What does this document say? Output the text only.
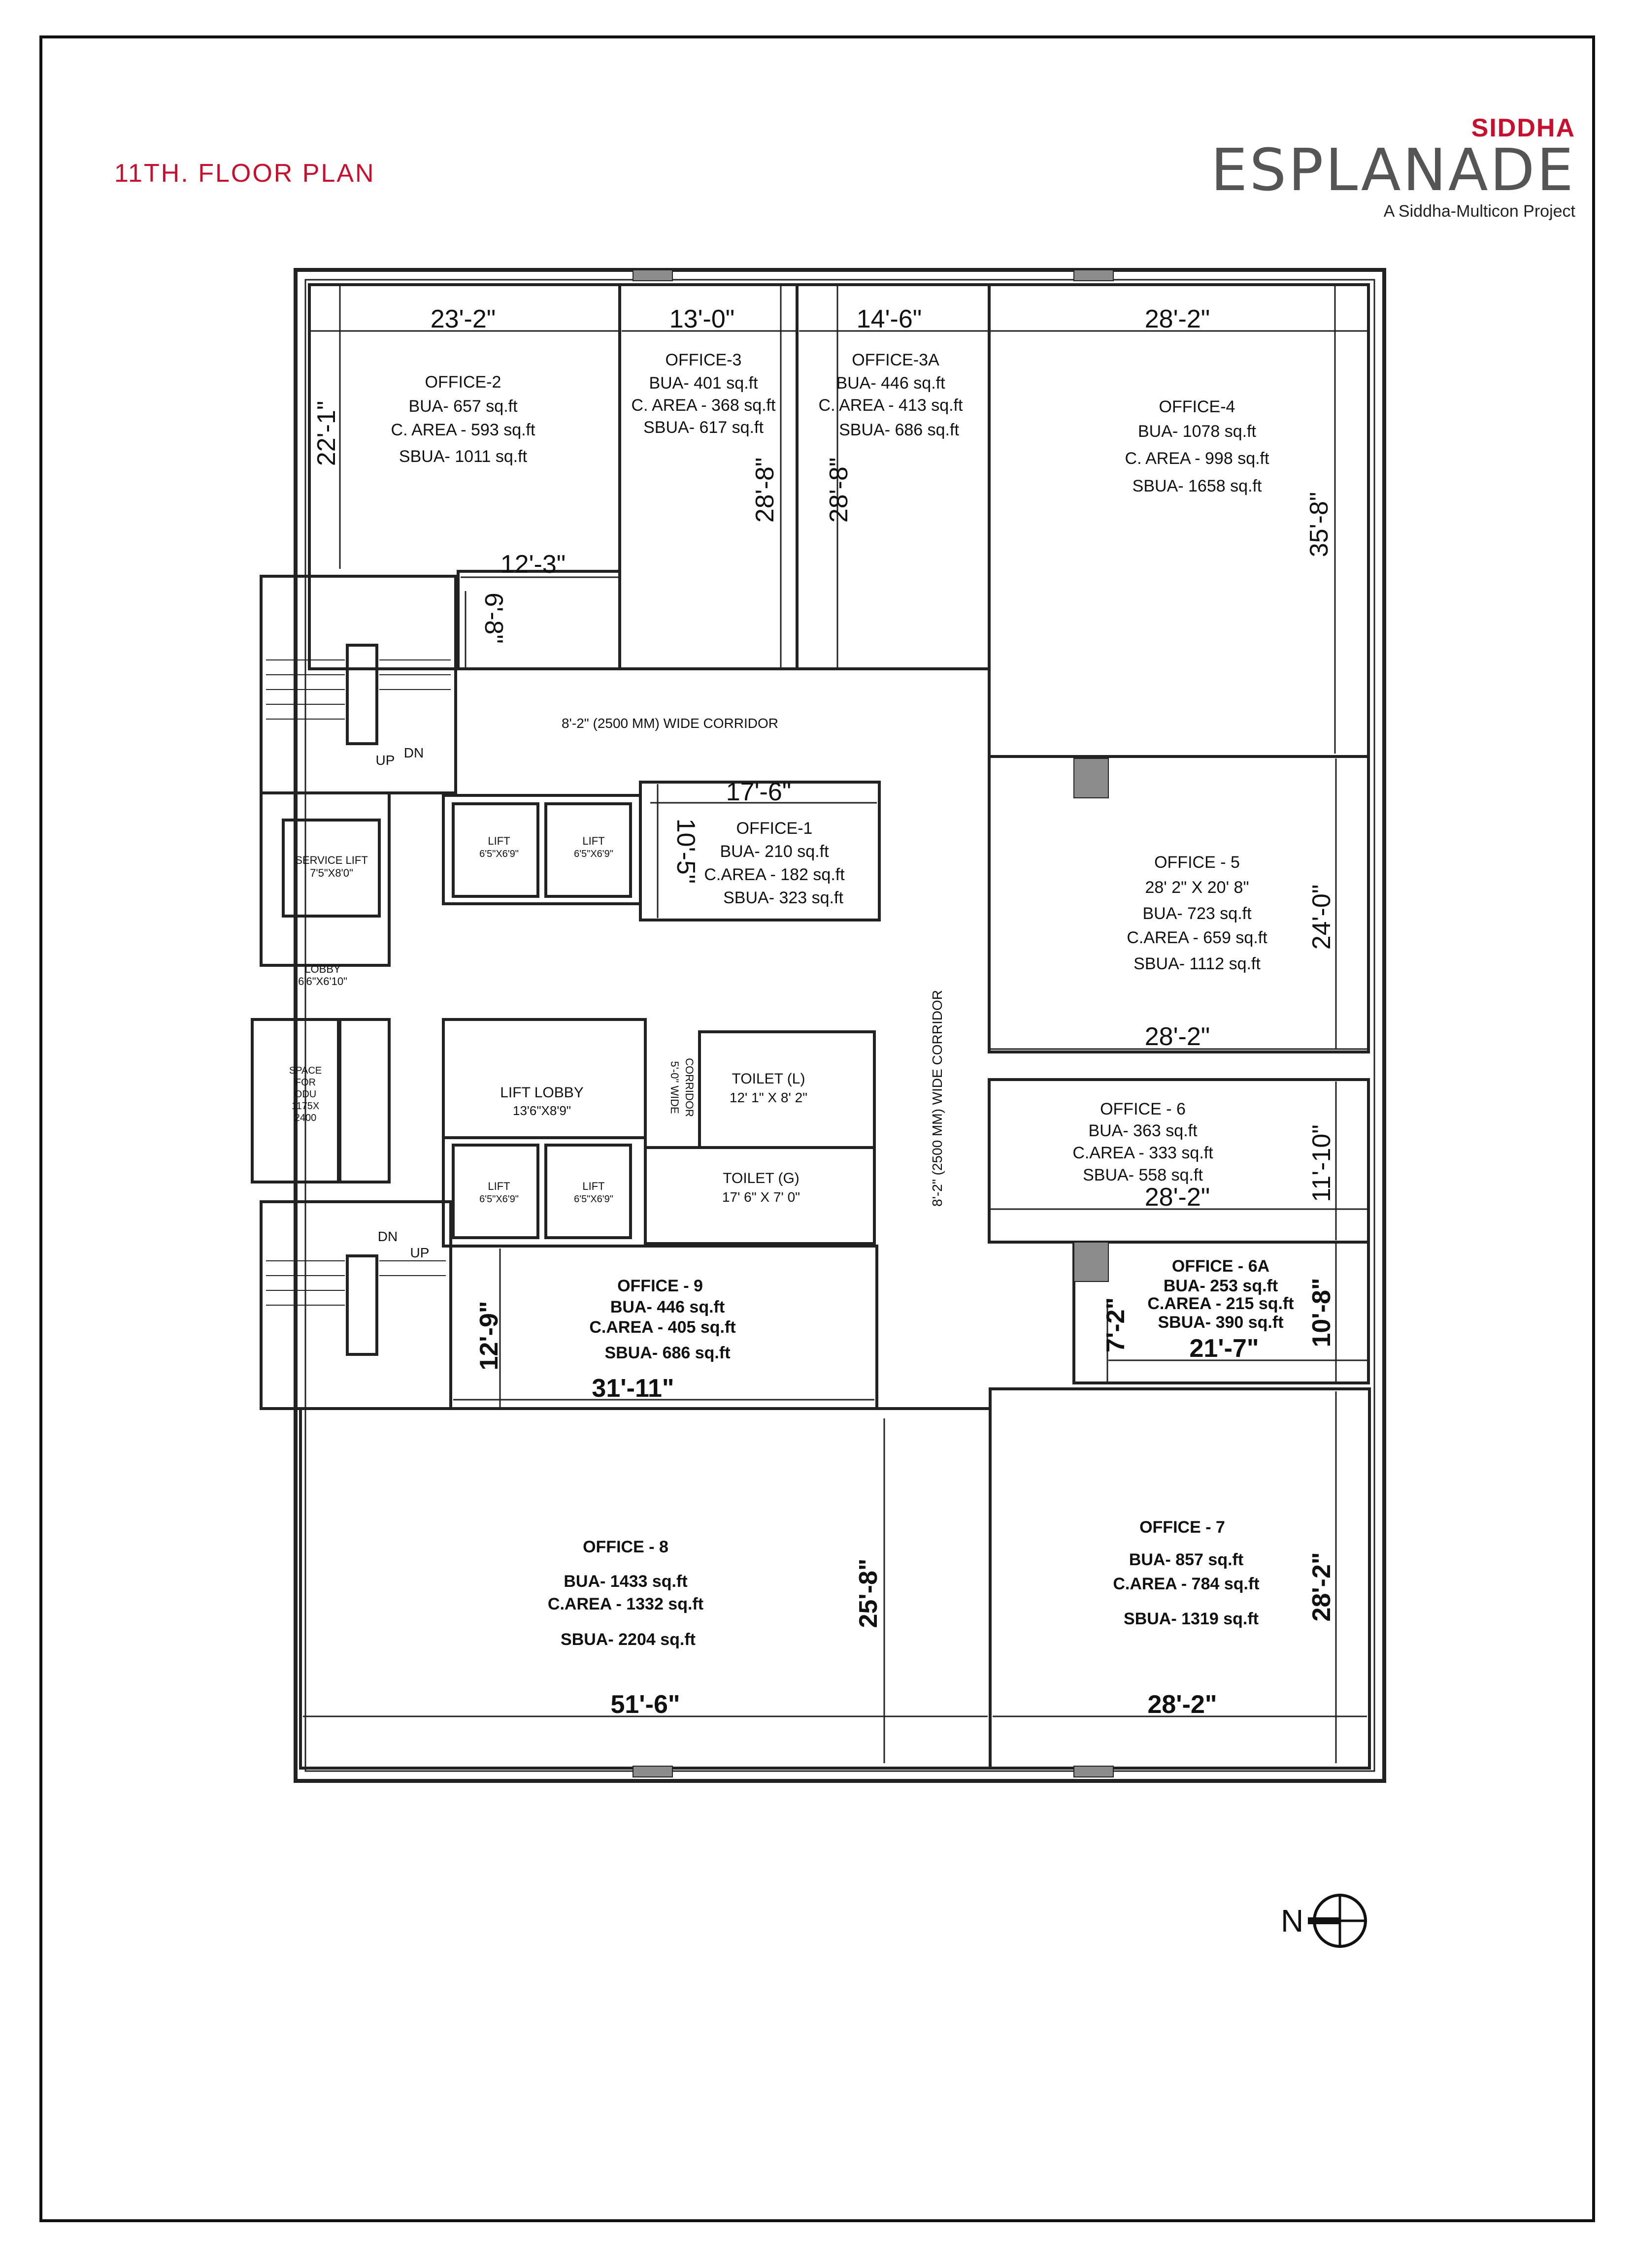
11TH. FLOOR PLAN
SIDDHA
ESPLANADE
A Siddha-Multicon Project
OFFICE-2
BUA- 657 sq.ft
C. AREA - 593 sq.ft
SBUA- 1011 sq.ft
OFFICE-3
BUA- 401 sq.ft
C. AREA - 368 sq.ft
SBUA- 617 sq.ft
OFFICE-3A
BUA- 446 sq.ft
C. AREA - 413 sq.ft
SBUA- 686 sq.ft
OFFICE-4
BUA- 1078 sq.ft
C. AREA - 998 sq.ft
SBUA- 1658 sq.ft
OFFICE-1
BUA- 210 sq.ft
C.AREA - 182 sq.ft
SBUA- 323 sq.ft
OFFICE - 5
28' 2" X 20' 8"
BUA- 723 sq.ft
C.AREA - 659 sq.ft
SBUA- 1112 sq.ft
OFFICE - 6
BUA- 363 sq.ft
C.AREA - 333 sq.ft
SBUA- 558 sq.ft
OFFICE - 6A
BUA- 253 sq.ft
C.AREA - 215 sq.ft
SBUA- 390 sq.ft
OFFICE - 9
BUA- 446 sq.ft
C.AREA - 405 sq.ft
SBUA- 686 sq.ft
OFFICE - 8
BUA- 1433 sq.ft
C.AREA - 1332 sq.ft
SBUA- 2204 sq.ft
OFFICE - 7
BUA- 857 sq.ft
C.AREA - 784 sq.ft
SBUA- 1319 sq.ft
23'-2"	13'-0"	14'-6"	28'-2"
12'-3"
17'-6"
28'-2"
28'-2"
21'-7"
31'-11"
51'-6"	28'-2"
22'-1"
6'-8"
28'-8" 28'-8"
35'-8"
10'-5"
24'-0"
11'-10"
10'-8"
7'-2"
12'-9"
25'-8"	28'-2"
8'-2" (2500 MM) WIDE CORRIDOR
8'-2" (2500 MM) WIDE CORRIDOR
SERVICE LIFT
7'5"X8'0"
LOBBY
6'6"X6'10"
LIFT
6'5"X6'9"
LIFT
6'5"X6'9"
LIFT LOBBY
13'6"X8'9"
LIFT
6'5"X6'9"
LIFT
6'5"X6'9"
SPACE
FOR
ODU
1175X
2400
TOILET (L)
12' 1" X 8' 2"
TOILET (G)
17' 6" X 7' 0"
5'-0" WIDE CORRIDOR
UP DN
DN
UP
N
